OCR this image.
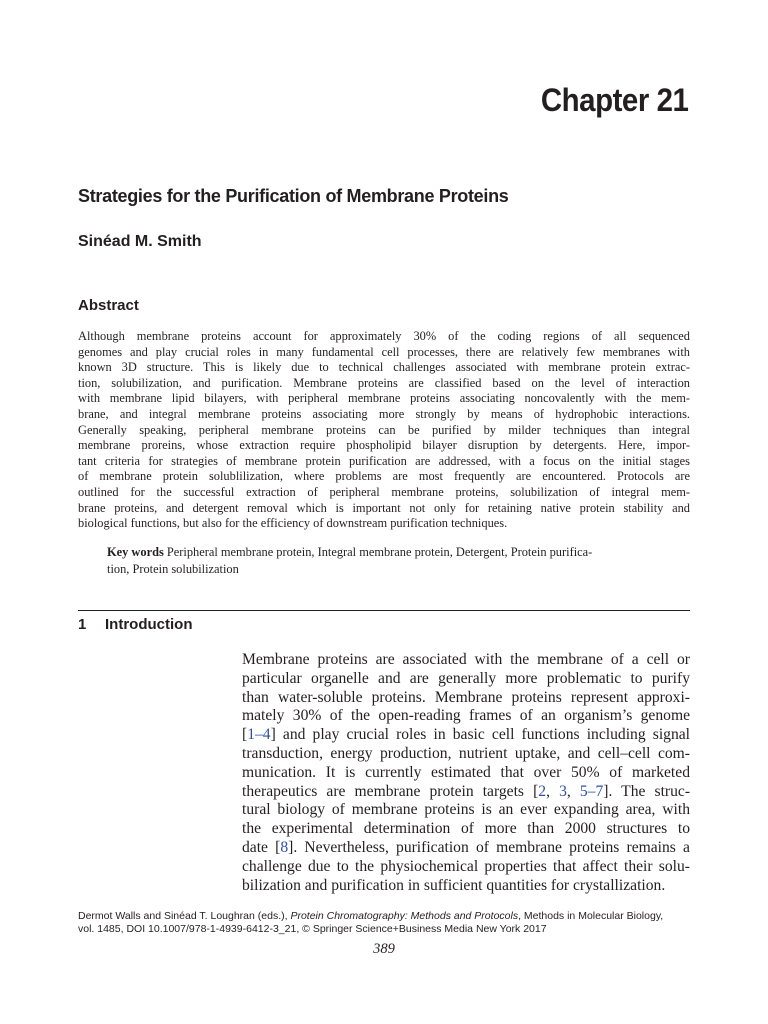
Chapter 21
Strategies for the Purification of Membrane Proteins
Sinéad M. Smith
Abstract
Although membrane proteins account for approximately 30% of the coding regions of all sequenced
genomes and play crucial roles in many fundamental cell processes, there are relatively few membranes with
known 3D structure. This is likely due to technical challenges associated with membrane protein extrac-
tion, solubilization, and purification. Membrane proteins are classified based on the level of interaction
with membrane lipid bilayers, with peripheral membrane proteins associating noncovalently with the mem-
brane, and integral membrane proteins associating more strongly by means of hydrophobic interactions.
Generally speaking, peripheral membrane proteins can be purified by milder techniques than integral
membrane proreins, whose extraction require phospholipid bilayer disruption by detergents. Here, impor-
tant criteria for strategies of membrane protein purification are addressed, with a focus on the initial stages
of membrane protein solublilization, where problems are most frequently are encountered. Protocols are
outlined for the successful extraction of peripheral membrane proteins, solubilization of integral mem-
brane proteins, and detergent removal which is important not only for retaining native protein stability and
biological functions, but also for the efficiency of downstream purification techniques.
Key words Peripheral membrane protein, Integral membrane protein, Detergent, Protein purifica-
tion, Protein solubilization
1 Introduction
Membrane proteins are associated with the membrane of a cell or
particular organelle and are generally more problematic to purify
than water-soluble proteins. Membrane proteins represent approxi-
mately 30% of the open-reading frames of an organism’s genome
[1–4] and play crucial roles in basic cell functions including signal
transduction, energy production, nutrient uptake, and cell–cell com-
munication. It is currently estimated that over 50% of marketed
therapeutics are membrane protein targets [2, 3, 5–7]. The struc-
tural biology of membrane proteins is an ever expanding area, with
the experimental determination of more than 2000 structures to
date [8]. Nevertheless, purification of membrane proteins remains a
challenge due to the physiochemical properties that affect their solu-
bilization and purification in sufficient quantities for crystallization.
Dermot Walls and Sinéad T. Loughran (eds.), Protein Chromatography: Methods and Protocols, Methods in Molecular Biology,
vol. 1485, DOI 10.1007/978-1-4939-6412-3_21, © Springer Science+Business Media New York 2017
389
